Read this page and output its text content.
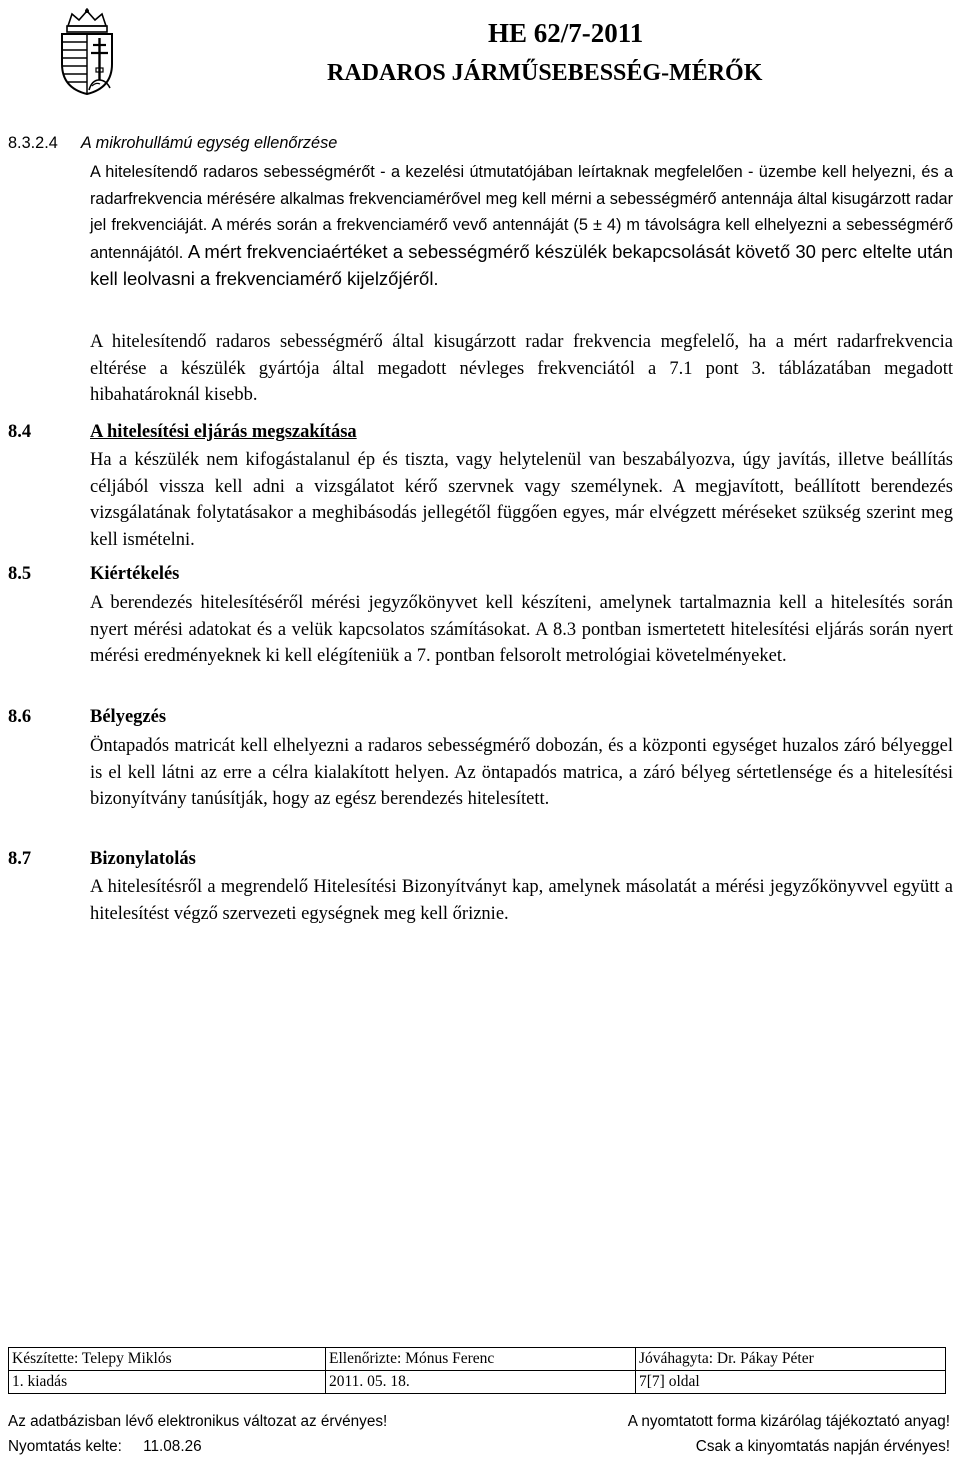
HE 62/7-2011
RADAROS JÁRMŰSEBESSÉG-MÉRŐK
8.3.2.4 A mikrohullámú egység ellenőrzése
A hitelesítendő radaros sebességmérőt - a kezelési útmutatójában leírtaknak megfelelően - üzembe kell helyezni, és a radarfrekvencia mérésére alkalmas frekvenciamérővel meg kell mérni a sebességmérő antennája által kisugárzott radar jel frekvenciáját. A mérés során a frekvenciamérő vevő antennáját (5 ± 4) m távolságra kell elhelyezni a sebességmérő antennájától. A mért frekvenciaértéket a sebességmérő készülék bekapcsolását követő 30 perc eltelte után kell leolvasni a frekvenciamérő kijelzőjéről.
A hitelesítendő radaros sebességmérő által kisugárzott radar frekvencia megfelelő, ha a mért radarfrekvencia eltérése a készülék gyártója által megadott névleges frekvenciától a 7.1 pont 3. táblázatában megadott hibahatároknál kisebb.
8.4	A hitelesítési eljárás megszakítása
Ha a készülék nem kifogástalanul ép és tiszta, vagy helytelenül van beszabályozva, úgy javítás, illetve beállítás céljából vissza kell adni a vizsgálatot kérő szervnek vagy személynek. A megjavított, beállított berendezés vizsgálatának folytatásakor a meghibásodás jellegétől függően egyes, már elvégzett méréseket szükség szerint meg kell ismételni.
8.5	Kiértékelés
A berendezés hitelesítéséről mérési jegyzőkönyvet kell készíteni, amelynek tartalmaznia kell a hitelesítés során nyert mérési adatokat és a velük kapcsolatos számításokat. A 8.3 pontban ismertetett hitelesítési eljárás során nyert mérési eredményeknek ki kell elégíteniük a 7. pontban felsorolt metrológiai követelményeket.
8.6	Bélyegzés
Öntapadós matricát kell elhelyezni a radaros sebességmérő dobozán, és a központi egységet huzalos záró bélyeggel is el kell látni az erre a célra kialakított helyen. Az öntapadós matrica, a záró bélyeg sértetlensége és a hitelesítési bizonyítvány tanúsítják, hogy az egész berendezés hitelesített.
8.7	Bizonylatolás
A hitelesítésről a megrendelő Hitelesítési Bizonyítványt kap, amelynek másolatát a mérési jegyzőkönyvvel együtt a hitelesítést végző szervezeti egységnek meg kell őriznie.
Készítette: Telepy Miklós	Ellenőrizte: Mónus Ferenc	Jóváhagyta: Dr. Pákay Péter
1. kiadás	2011. 05. 18.	7[7] oldal
Az adatbázisban lévő elektronikus változat az érvényes!
Nyomtatás kelte:     11.08.26
A nyomtatott forma kizárólag tájékoztató anyag!
Csak a kinyomtatás napján érvényes!
